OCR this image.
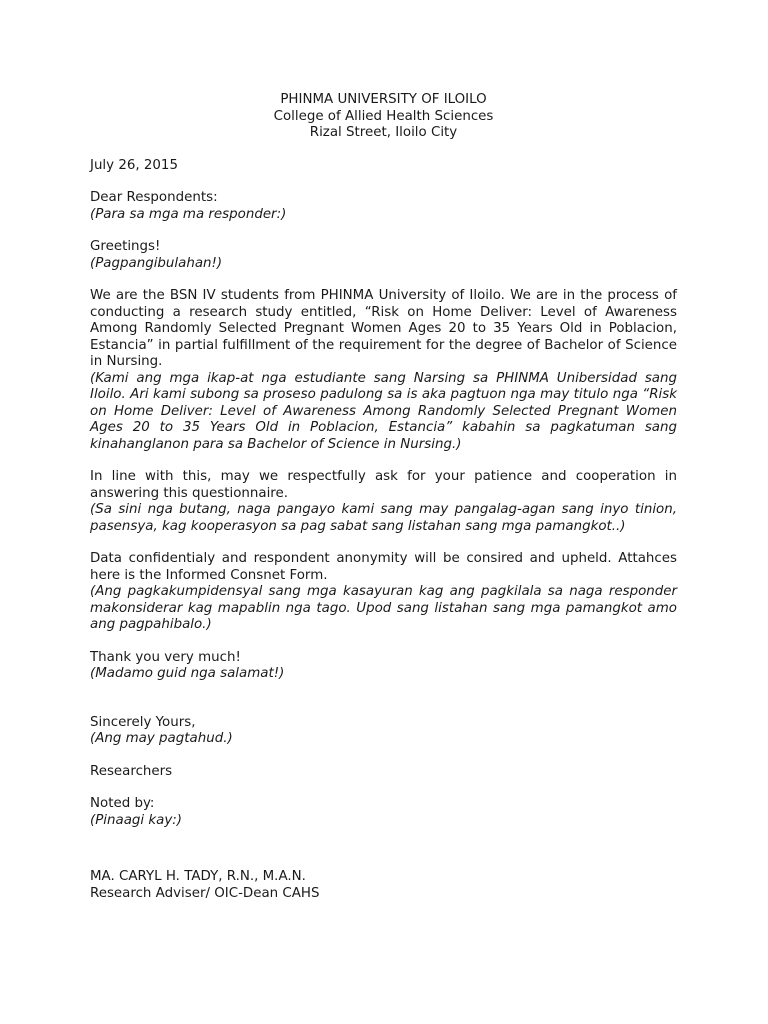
PHINMA UNIVERSITY OF ILOILO
College of Allied Health Sciences
Rizal Street, Iloilo City
July 26, 2015
Dear Respondents:
(Para sa mga ma responder:)
Greetings!
(Pagpangibulahan!)
We are the BSN IV students from PHINMA University of Iloilo. We are in the process of conducting a research study entitled, “Risk on Home Deliver: Level of Awareness Among Randomly Selected Pregnant Women Ages 20 to 35 Years Old in Poblacion, Estancia” in partial fulfillment of the requirement for the degree of Bachelor of Science in Nursing.
(Kami ang mga ikap-at nga estudiante sang Narsing sa PHINMA Unibersidad sang Iloilo. Ari kami subong sa proseso padulong sa is aka pagtuon nga may titulo nga “Risk on Home Deliver: Level of Awareness Among Randomly Selected Pregnant Women Ages 20 to 35 Years Old in Poblacion, Estancia” kabahin sa pagkatuman sang kinahanglanon para sa Bachelor of Science in Nursing.)
In line with this, may we respectfully ask for your patience and cooperation in answering this questionnaire.
(Sa sini nga butang, naga pangayo kami sang may pangalag-agan sang inyo tinion, pasensya, kag kooperasyon sa pag sabat sang listahan sang mga pamangkot..)
Data confidentialy and respondent anonymity will be consired and upheld. Attahces here is the Informed Consnet Form.
(Ang pagkakumpidensyal sang mga kasayuran kag ang pagkilala sa naga responder makonsiderar kag mapablin nga tago. Upod sang listahan sang mga pamangkot amo ang pagpahibalo.)
Thank you very much!
(Madamo guid nga salamat!)
Sincerely Yours,
(Ang may pagtahud.)
Researchers
Noted by:
(Pinaagi kay:)
MA. CARYL H. TADY, R.N., M.A.N.
Research Adviser/ OIC-Dean CAHS
